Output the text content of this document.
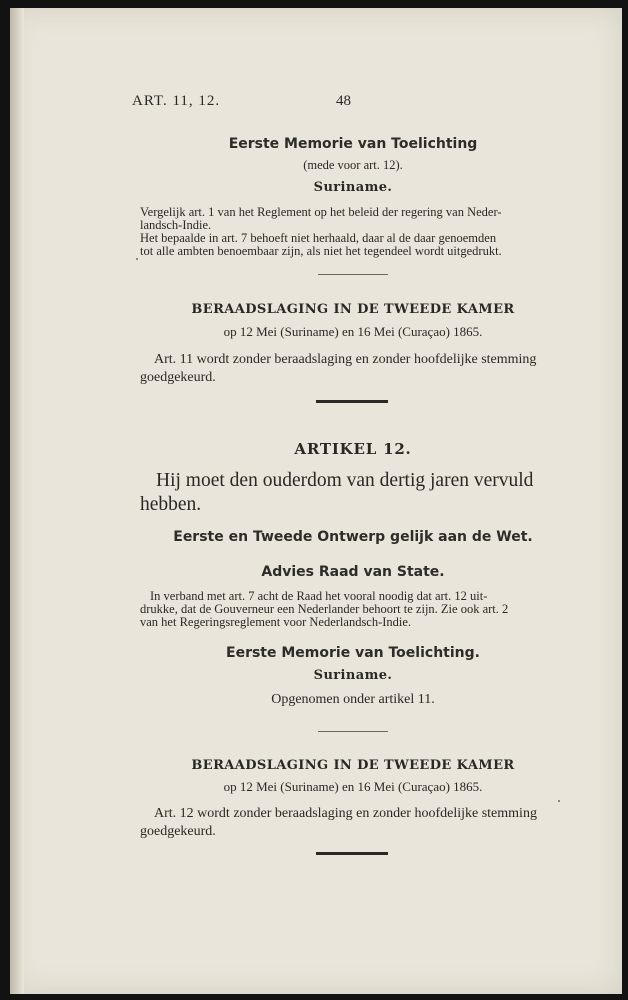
ART. 11, 12.	48
Eerste Memorie van Toelichting
(mede voor art. 12).
Suriname.
Vergelijk art. 1 van het Reglement op het beleid der regering van Neder-
landsch-Indie.
Het bepaalde in art. 7 behoeft niet herhaald, daar al de daar genoemden
tot alle ambten benoembaar zijn, als niet het tegendeel wordt uitgedrukt.
BERAADSLAGING IN DE TWEEDE KAMER
op 12 Mei (Suriname) en 16 Mei (Curaçao) 1865.
Art. 11 wordt zonder beraadslaging en zonder hoofdelijke stemming
goedgekeurd.
ARTIKEL 12.
Hij moet den ouderdom van dertig jaren vervuld
hebben.
Eerste en Tweede Ontwerp gelijk aan de Wet.
Advies Raad van State.
In verband met art. 7 acht de Raad het vooral noodig dat art. 12 uit-
drukke, dat de Gouverneur een Nederlander behoort te zijn. Zie ook art. 2
van het Regeringsreglement voor Nederlandsch-Indie.
Eerste Memorie van Toelichting.
Suriname.
Opgenomen onder artikel 11.
BERAADSLAGING IN DE TWEEDE KAMER
op 12 Mei (Suriname) en 16 Mei (Curaçao) 1865.
Art. 12 wordt zonder beraadslaging en zonder hoofdelijke stemming
goedgekeurd.
